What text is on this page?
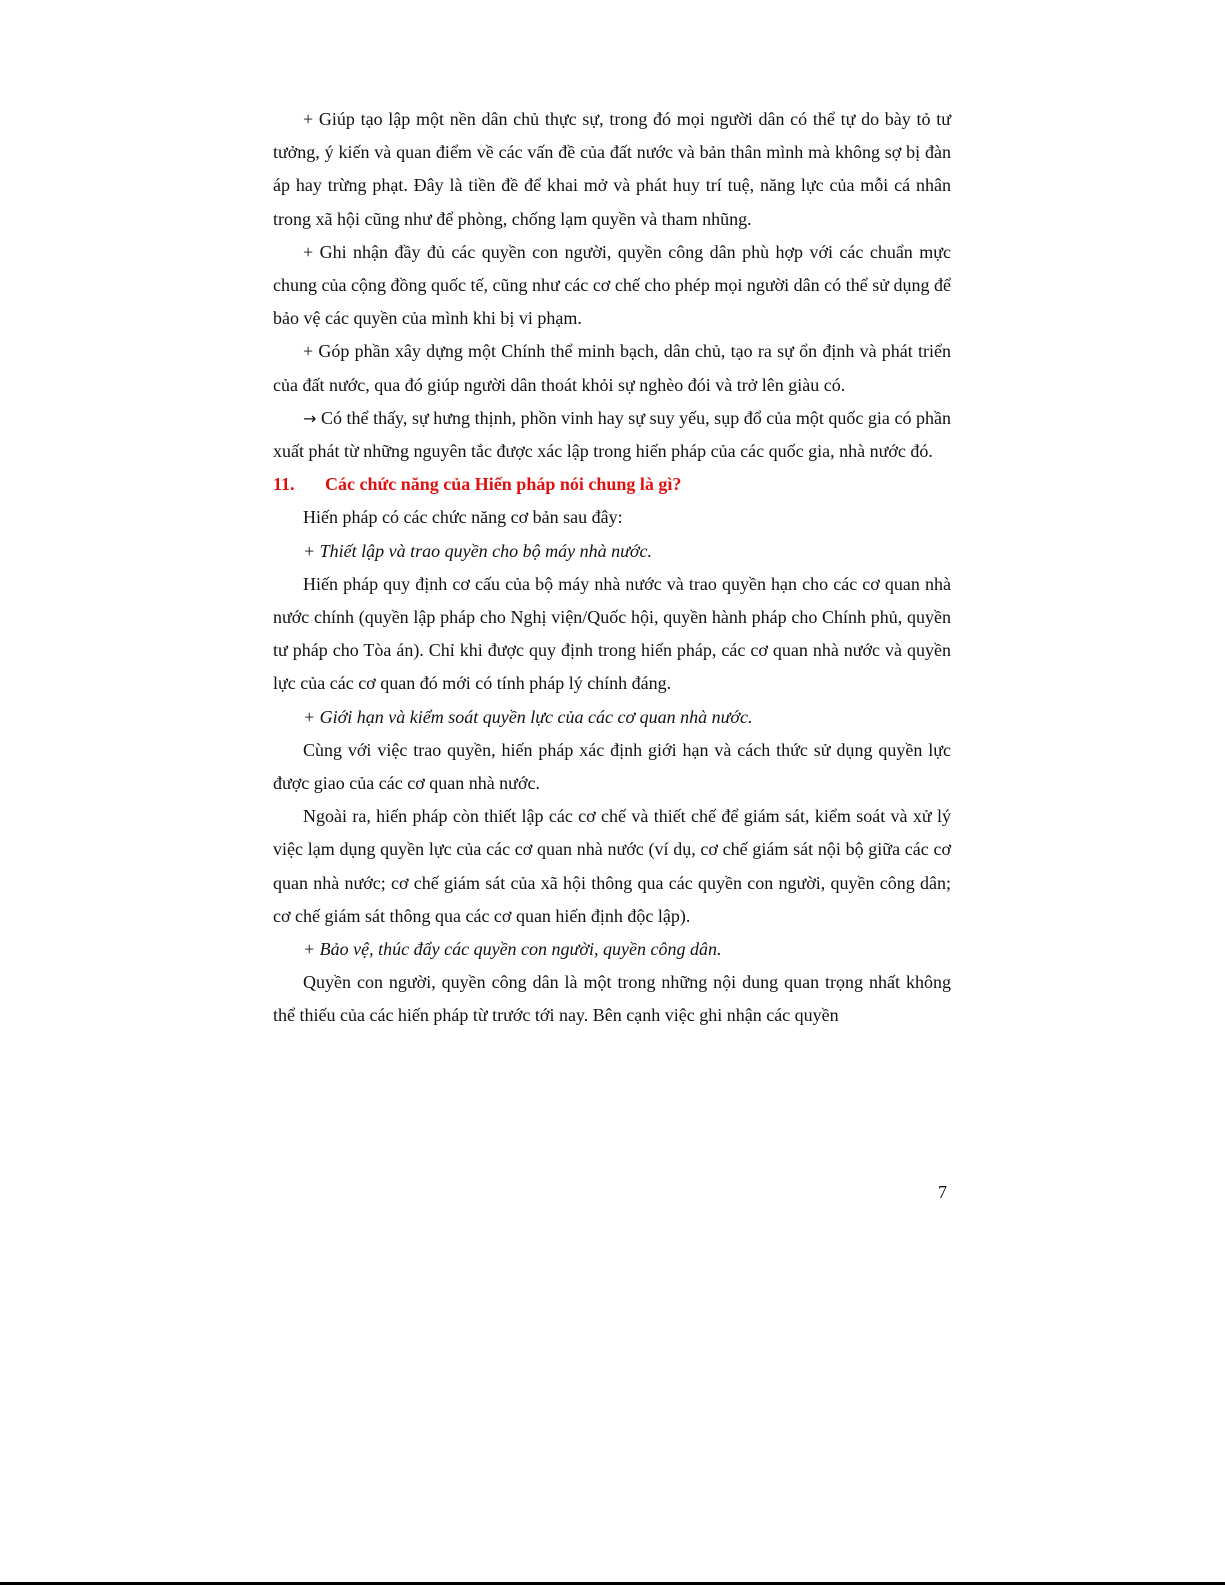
+ Giúp tạo lập một nền dân chủ thực sự, trong đó mọi người dân có thể tự do bày tỏ tư tưởng, ý kiến và quan điểm về các vấn đề của đất nước và bản thân mình mà không sợ bị đàn áp hay trừng phạt. Đây là tiền đề để khai mở và phát huy trí tuệ, năng lực của mỗi cá nhân trong xã hội cũng như để phòng, chống lạm quyền và tham nhũng.

+ Ghi nhận đầy đủ các quyền con người, quyền công dân phù hợp với các chuẩn mực chung của cộng đồng quốc tế, cũng như các cơ chế cho phép mọi người dân có thể sử dụng để bảo vệ các quyền của mình khi bị vi phạm.

+ Góp phần xây dựng một Chính thể minh bạch, dân chủ, tạo ra sự ổn định và phát triển của đất nước, qua đó giúp người dân thoát khỏi sự nghèo đói và trở lên giàu có.

→ Có thể thấy, sự hưng thịnh, phồn vinh hay sự suy yếu, sụp đổ của một quốc gia có phần xuất phát từ những nguyên tắc được xác lập trong hiến pháp của các quốc gia, nhà nước đó.

11.	Các chức năng của Hiến pháp nói chung là gì?

Hiến pháp có các chức năng cơ bản sau đây:

+ Thiết lập và trao quyền cho bộ máy nhà nước.

Hiến pháp quy định cơ cấu của bộ máy nhà nước và trao quyền hạn cho các cơ quan nhà nước chính (quyền lập pháp cho Nghị viện/Quốc hội, quyền hành pháp cho Chính phủ, quyền tư pháp cho Tòa án). Chỉ khi được quy định trong hiến pháp, các cơ quan nhà nước và quyền lực của các cơ quan đó mới có tính pháp lý chính đáng.

+ Giới hạn và kiểm soát quyền lực của các cơ quan nhà nước.

Cùng với việc trao quyền, hiến pháp xác định giới hạn và cách thức sử dụng quyền lực được giao của các cơ quan nhà nước.

Ngoài ra, hiến pháp còn thiết lập các cơ chế và thiết chế để giám sát, kiểm soát và xử lý việc lạm dụng quyền lực của các cơ quan nhà nước (ví dụ, cơ chế giám sát nội bộ giữa các cơ quan nhà nước; cơ chế giám sát của xã hội thông qua các quyền con người, quyền công dân; cơ chế giám sát thông qua các cơ quan hiến định độc lập).

+ Bảo vệ, thúc đẩy các quyền con người, quyền công dân.

Quyền con người, quyền công dân là một trong những nội dung quan trọng nhất không thể thiếu của các hiến pháp từ trước tới nay. Bên cạnh việc ghi nhận các quyền

7
